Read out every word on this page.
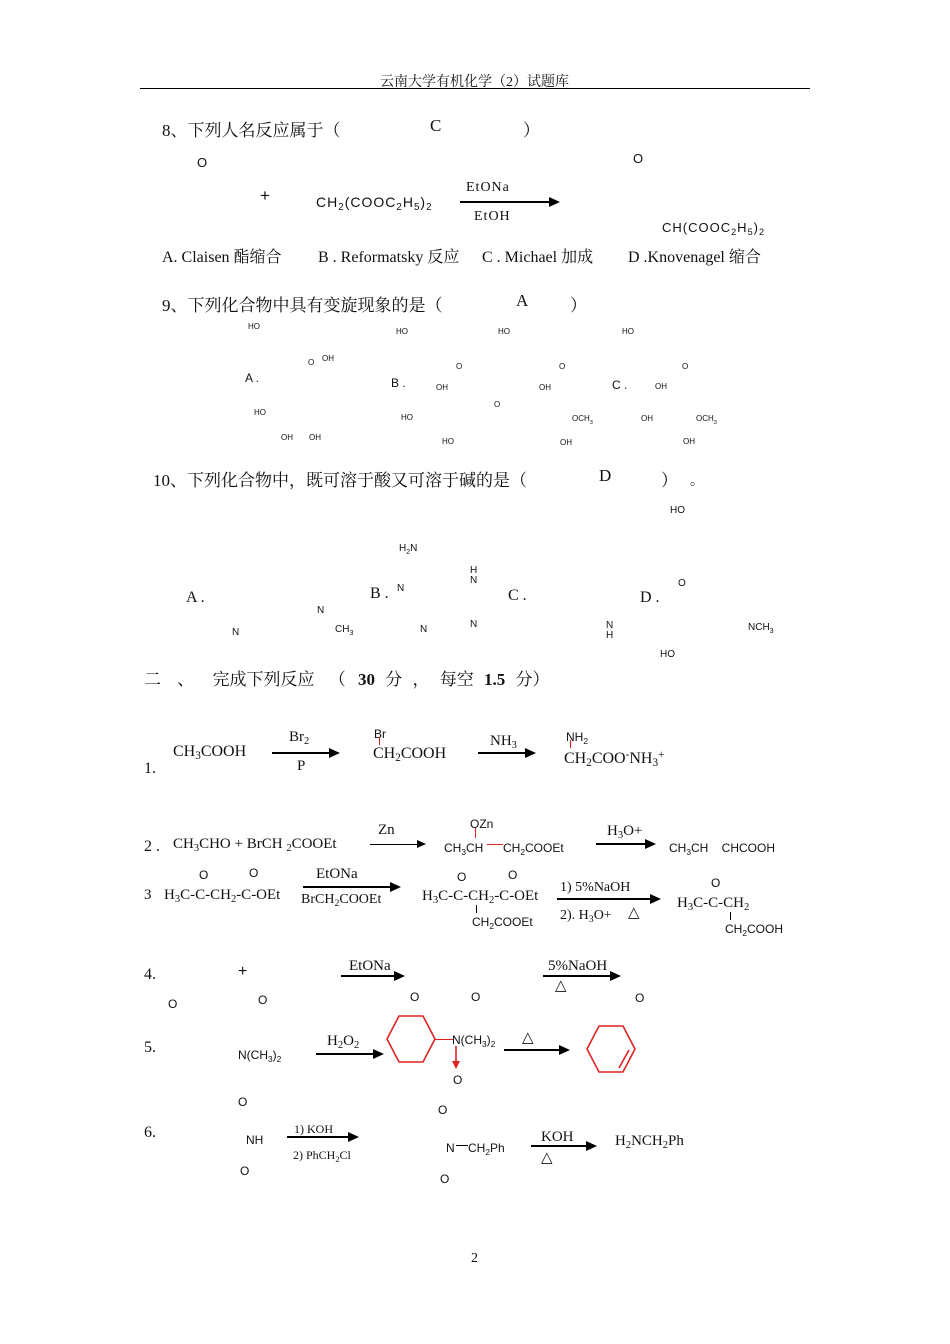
云南大学有机化学（2）试题库
8、下列人名反应属于（	C	）
O	O
+	$CH_2(COOC_2H_5)_2$
EtONa
EtOH
$CH(COOC_2H_5)_2$
A. Claisen 酯缩合 B . Reformatsky 反应 C . Michael 加成 D .Knovenagel 缩合
9、下列化合物中具有变旋现象的是（	A ）
A .	B .	C .
HO
O OH
HO
OH OH
HO	HO
O
OH	OH
O
HO	$OCH_3$
HO	OH
O
HO
O
OH
OH	$OCH_3$
OH
10、下列化合物中，既可溶于酸又可溶于碱的是（	D	） 。
A .	B .	C .	D .
N
$H_2N$
N
N
$CH_3$	N
H
N
N	N
H
HO
O
$NCH_3$
HO
二 、 完成下列反应 （ 30 分 ， 每空 1.5 分）
1.
$CH_3COOH$
$Br_2$
P
Br
$CH_2COOH$
$NH_3$
$NH_2$
$CH_2COO^-NH_3^+$
2 . $CH_3CHO$ + BrCH $_2$COOEt
Zn	OZn
$CH_3CH$ $CH_2COOEt$
$H_3O+$
$CH_3CH$    CHCOOH
3
O	O
$H_3C-C-CH_2-C$-OEt
EtONa
BrCH$_2$COOEt
O	O
$H_3C-C-CH_2-C$-OEt
$CH_2COOEt$
1) 5%NaOH
2). $H_3O+$ △
O
$H_3C-C-CH_2$
$CH_2COOH$
4.	+
O	O
EtONa
O	O
5%NaOH
△
O
5.	$N(CH_3)_2$
$H_2O_2$	$N(CH_3)_2$
O
△
6.
O
NH
O
1) KOH
2) PhCH$_2$Cl
O
N $CH_2Ph$
O
KOH
△
$H_2NCH_2Ph$
2
